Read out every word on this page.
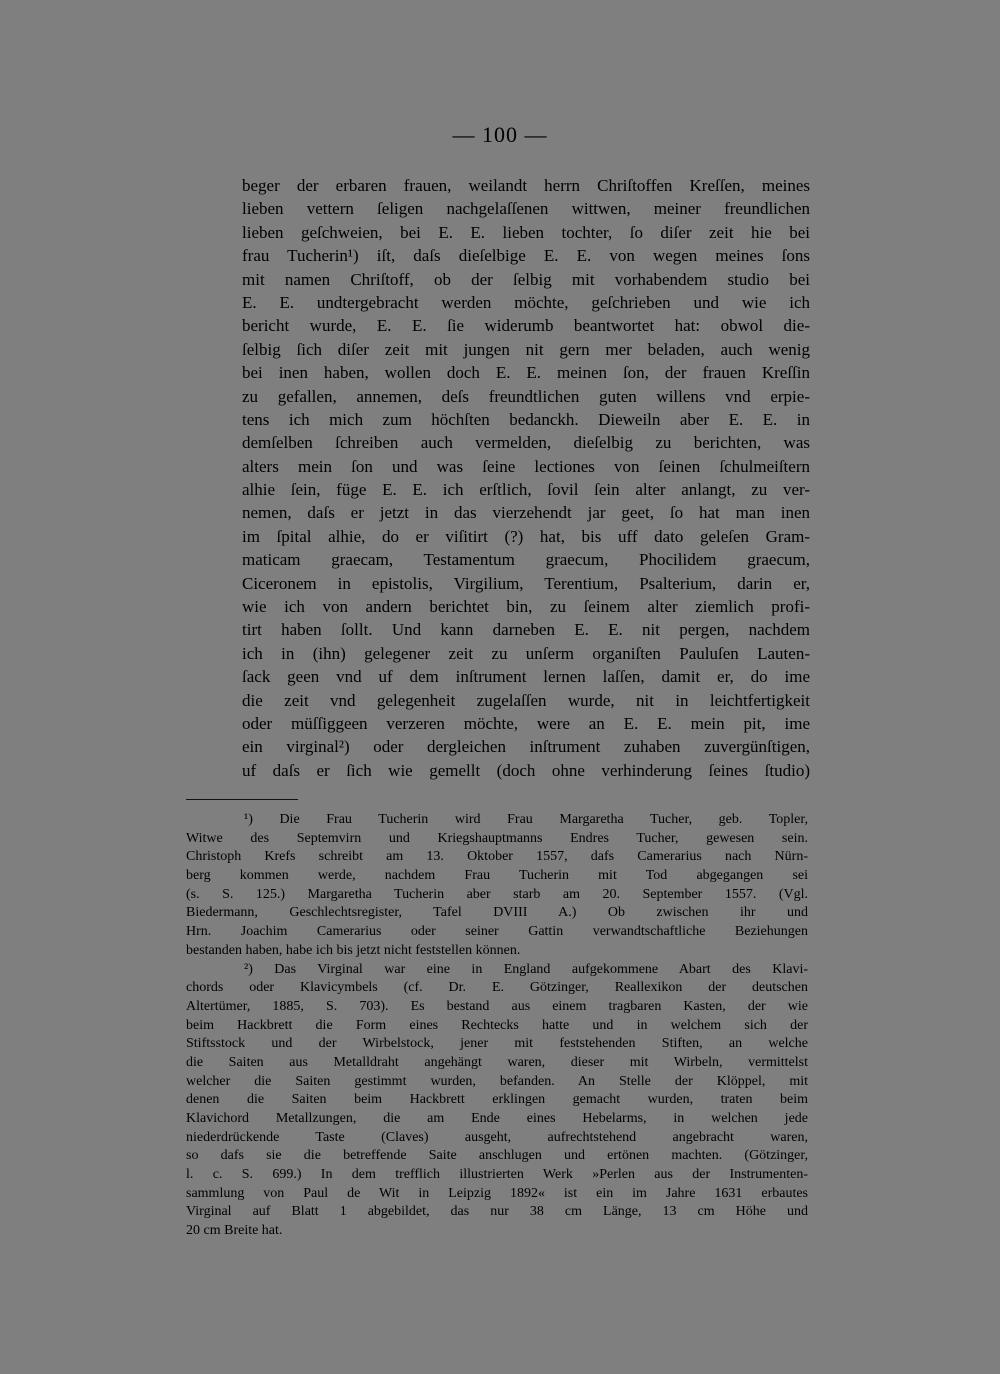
— 100 —
beger der erbaren frauen, weilandt herrn Chriſtoffen Kreſſen, meines
lieben vettern ſeligen nachgelaſſenen wittwen, meiner freundlichen
lieben geſchweien, bei E. E. lieben tochter, ſo diſer zeit hie bei
frau Tucherin¹) iſt, daſs dieſelbige E. E. von wegen meines ſons
mit namen Chriſtoff, ob der ſelbig mit vorhabendem studio bei
E. E. undtergebracht werden möchte, geſchrieben und wie ich
bericht wurde, E. E. ſie widerumb beantwortet hat: obwol die-
ſelbig ſich diſer zeit mit jungen nit gern mer beladen, auch wenig
bei inen haben, wollen doch E. E. meinen ſon, der frauen Kreſſin
zu gefallen, annemen, deſs freundtlichen guten willens vnd erpie-
tens ich mich zum höchſten bedanckh. Dieweiln aber E. E. in
demſelben ſchreiben auch vermelden, dieſelbig zu berichten, was
alters mein ſon und was ſeine lectiones von ſeinen ſchulmeiſtern
alhie ſein, füge E. E. ich erſtlich, ſovil ſein alter anlangt, zu ver-
nemen, daſs er jetzt in das vierzehendt jar geet, ſo hat man inen
im ſpital alhie, do er viſitirt (?) hat, bis uff dato geleſen Gram-
maticam graecam, Testamentum graecum, Phocilidem graecum,
Ciceronem in epistolis, Virgilium, Terentium, Psalterium, darin er,
wie ich von andern berichtet bin, zu ſeinem alter ziemlich profi-
tirt haben ſollt. Und kann darneben E. E. nit pergen, nachdem
ich in (ihn) gelegener zeit zu unſerm organiſten Pauluſen Lauten-
ſack geen vnd uf dem inſtrument lernen laſſen, damit er, do ime
die zeit vnd gelegenheit zugelaſſen wurde, nit in leichtfertigkeit
oder müſſiggeen verzeren möchte, were an E. E. mein pit, ime
ein virginal²) oder dergleichen inſtrument zuhaben zuvergünſtigen,
uf daſs er ſich wie gemellt (doch ohne verhinderung ſeines ſtudio)
¹) Die Frau Tucherin wird Frau Margaretha Tucher, geb. Topler,
Witwe des Septemvirn und Kriegshauptmanns Endres Tucher, gewesen sein.
Christoph Krefs schreibt am 13. Oktober 1557, dafs Camerarius nach Nürn-
berg kommen werde, nachdem Frau Tucherin mit Tod abgegangen sei
(s. S. 125.) Margaretha Tucherin aber starb am 20. September 1557. (Vgl.
Biedermann, Geschlechtsregister, Tafel DVIII A.) Ob zwischen ihr und
Hrn. Joachim Camerarius oder seiner Gattin verwandtschaftliche Beziehungen
bestanden haben, habe ich bis jetzt nicht feststellen können.
²) Das Virginal war eine in England aufgekommene Abart des Klavi-
chords oder Klavicymbels (cf. Dr. E. Götzinger, Reallexikon der deutschen
Altertümer, 1885, S. 703). Es bestand aus einem tragbaren Kasten, der wie
beim Hackbrett die Form eines Rechtecks hatte und in welchem sich der
Stiftsstock und der Wirbelstock, jener mit feststehenden Stiften, an welche
die Saiten aus Metalldraht angehängt waren, dieser mit Wirbeln, vermittelst
welcher die Saiten gestimmt wurden, befanden. An Stelle der Klöppel, mit
denen die Saiten beim Hackbrett erklingen gemacht wurden, traten beim
Klavichord Metallzungen, die am Ende eines Hebelarms, in welchen jede
niederdrückende Taste (Claves) ausgeht, aufrechtstehend angebracht waren,
so dafs sie die betreffende Saite anschlugen und ertönen machten. (Götzinger,
l. c. S. 699.) In dem trefflich illustrierten Werk »Perlen aus der Instrumenten-
sammlung von Paul de Wit in Leipzig 1892« ist ein im Jahre 1631 erbautes
Virginal auf Blatt 1 abgebildet, das nur 38 cm Länge, 13 cm Höhe und
20 cm Breite hat.
